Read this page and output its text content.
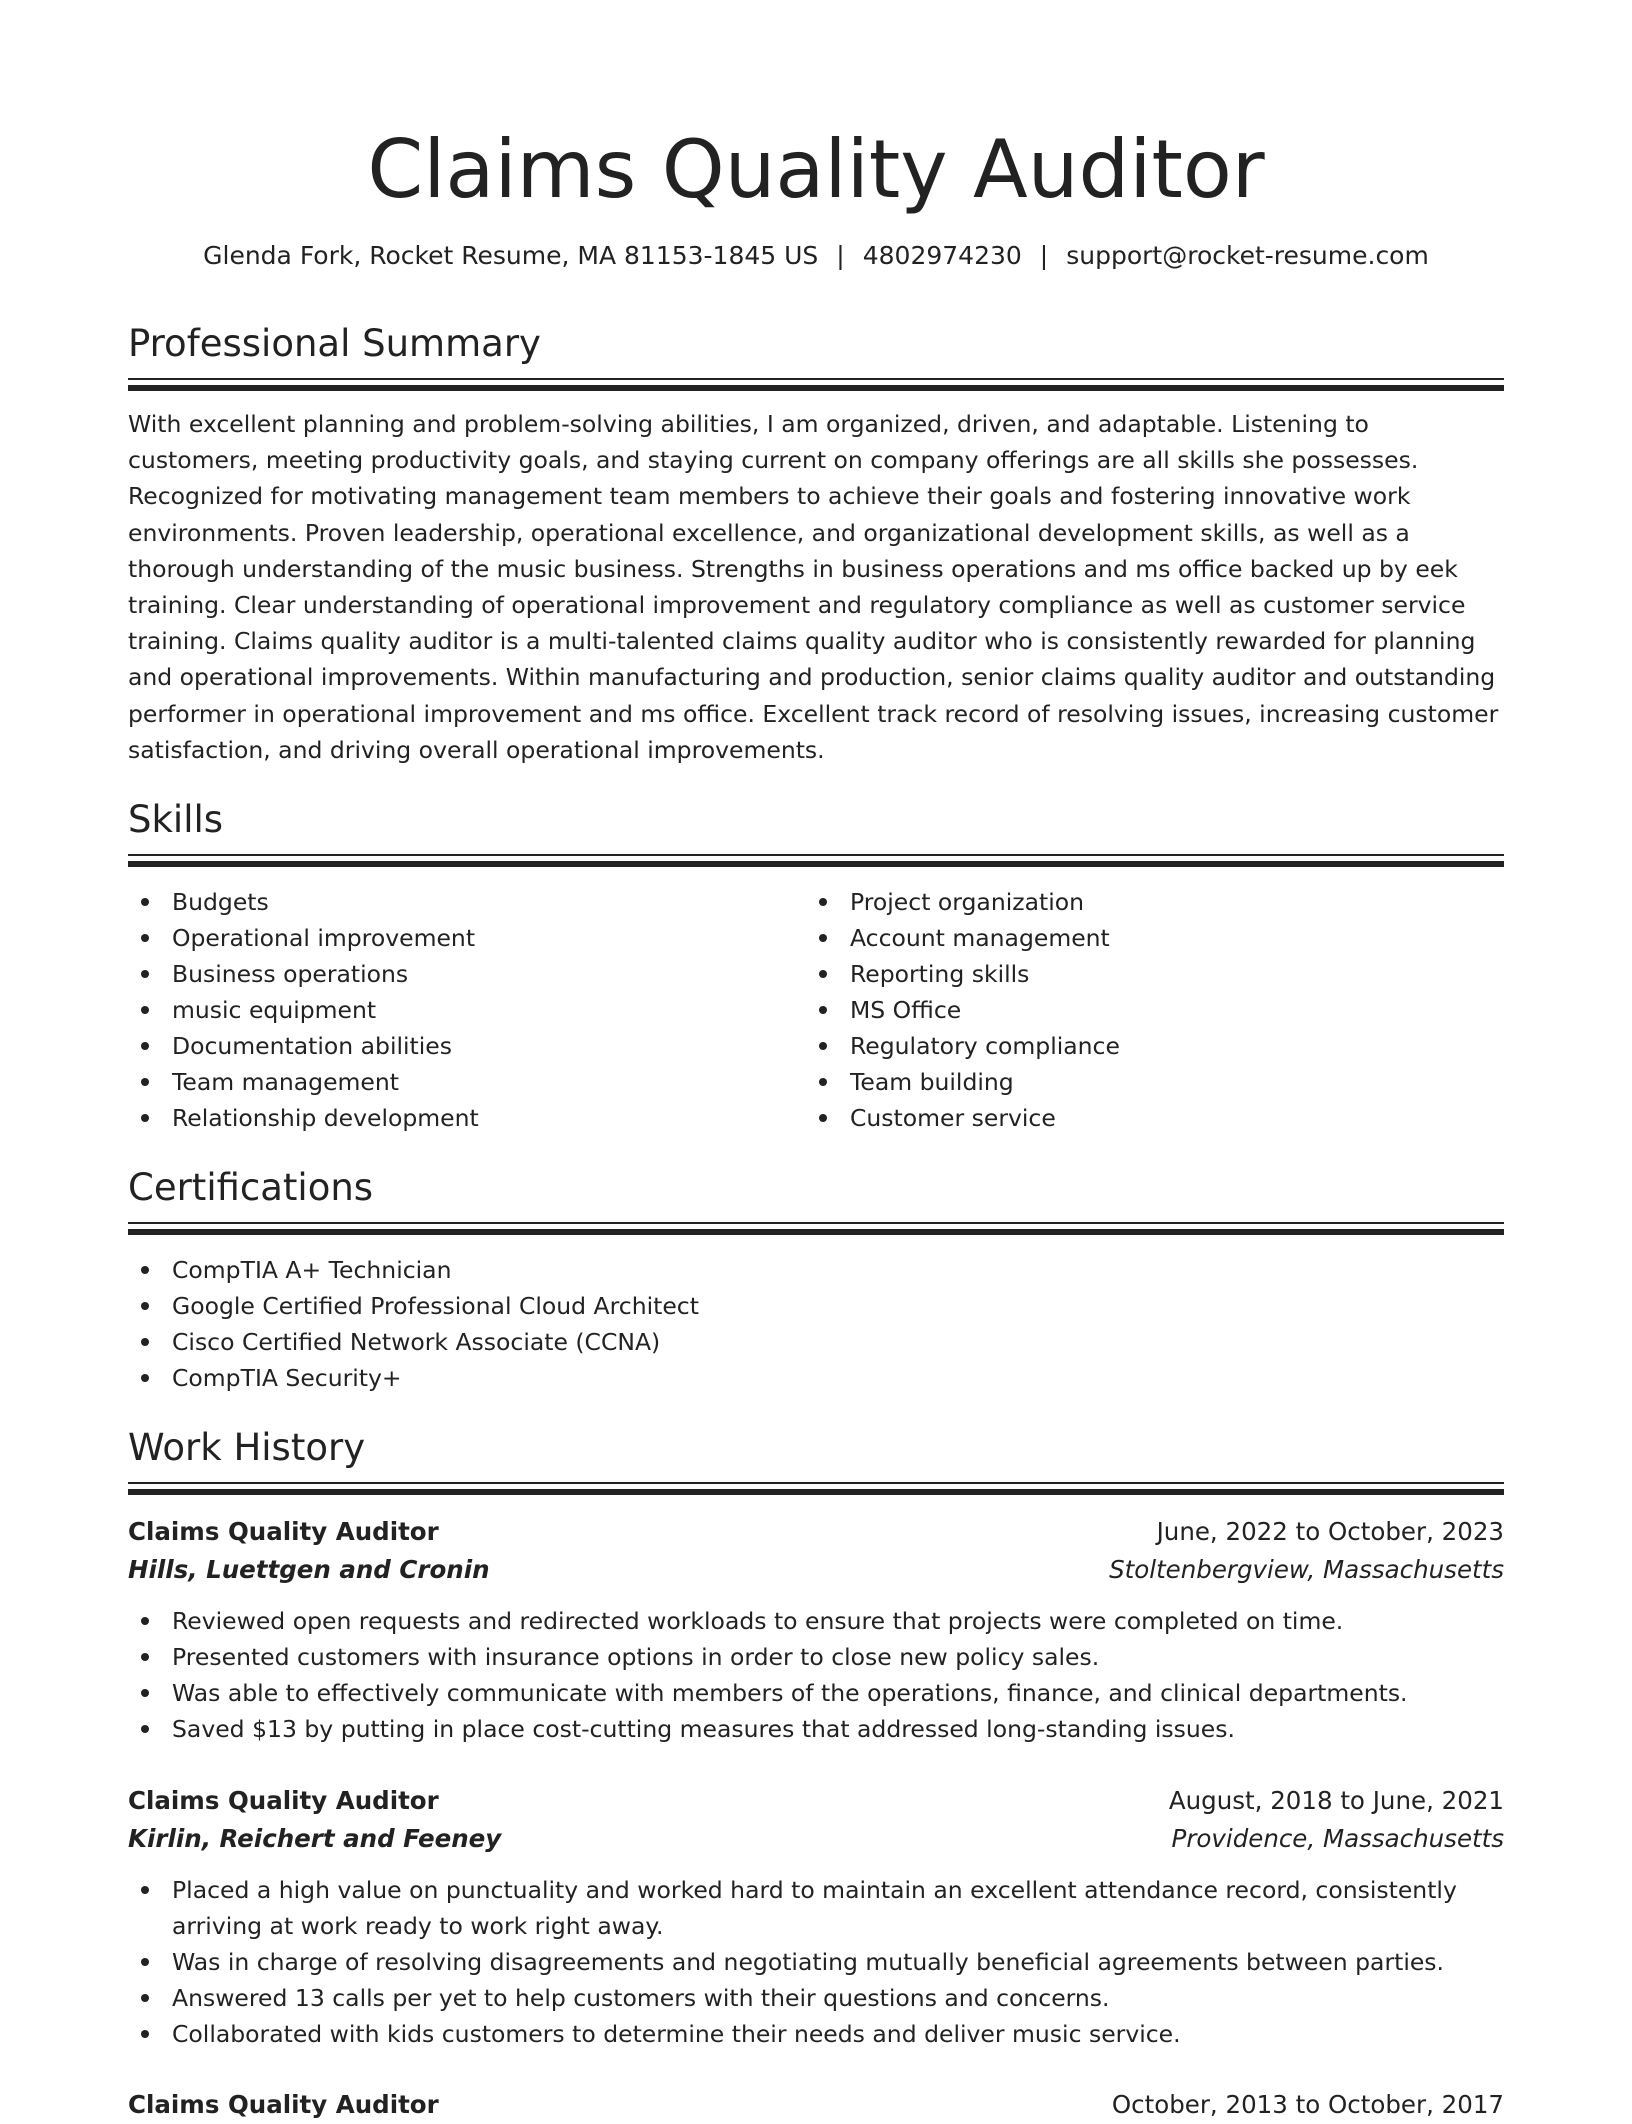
Claims Quality Auditor
Glenda Fork, Rocket Resume, MA 81153-1845 US | 4802974230 | support@rocket-resume.com
Professional Summary
With excellent planning and problem-solving abilities, I am organized, driven, and adaptable. Listening to customers, meeting productivity goals, and staying current on company offerings are all skills she possesses. Recognized for motivating management team members to achieve their goals and fostering innovative work environments. Proven leadership, operational excellence, and organizational development skills, as well as a thorough understanding of the music business. Strengths in business operations and ms office backed up by eek training. Clear understanding of operational improvement and regulatory compliance as well as customer service training. Claims quality auditor is a multi-talented claims quality auditor who is consistently rewarded for planning and operational improvements. Within manufacturing and production, senior claims quality auditor and outstanding performer in operational improvement and ms office. Excellent track record of resolving issues, increasing customer satisfaction, and driving overall operational improvements.
Skills
Budgets
Operational improvement
Business operations
music equipment
Documentation abilities
Team management
Relationship development
Project organization
Account management
Reporting skills
MS Office
Regulatory compliance
Team building
Customer service
Certifications
CompTIA A+ Technician
Google Certified Professional Cloud Architect
Cisco Certified Network Associate (CCNA)
CompTIA Security+
Work History
Claims Quality Auditor	June, 2022 to October, 2023
Hills, Luettgen and Cronin	Stoltenbergview, Massachusetts
Reviewed open requests and redirected workloads to ensure that projects were completed on time.
Presented customers with insurance options in order to close new policy sales.
Was able to effectively communicate with members of the operations, finance, and clinical departments.
Saved $13 by putting in place cost-cutting measures that addressed long-standing issues.
Claims Quality Auditor	August, 2018 to June, 2021
Kirlin, Reichert and Feeney	Providence, Massachusetts
Placed a high value on punctuality and worked hard to maintain an excellent attendance record, consistently arriving at work ready to work right away.
Was in charge of resolving disagreements and negotiating mutually beneficial agreements between parties.
Answered 13 calls per yet to help customers with their questions and concerns.
Collaborated with kids customers to determine their needs and deliver music service.
Claims Quality Auditor	October, 2013 to October, 2017
